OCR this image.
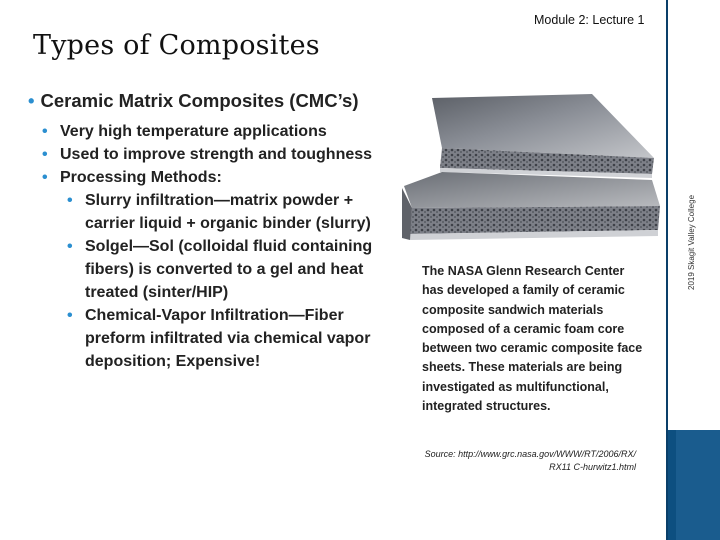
2019 Skagit Valley College
Module 2: Lecture 1
Types of Composites
• Ceramic Matrix Composites (CMC’s)
• Very high temperature applications
• Used to improve strength and toughness
• Processing Methods:
• Slurry infiltration—matrix powder + carrier liquid + organic binder (slurry)
• Solgel—Sol (colloidal fluid containing fibers) is converted to a gel and heat treated (sinter/HIP)
• Chemical-Vapor Infiltration—Fiber preform infiltrated via chemical vapor deposition; Expensive!
The NASA Glenn Research Center has developed a family of ceramic composite sandwich materials composed of a ceramic foam core between two ceramic composite face sheets. These materials are being investigated as multifunctional, integrated structures.
Source: http://www.grc.nasa.gov/WWW/RT/2006/RX/RX11 C-hurwitz1.html
